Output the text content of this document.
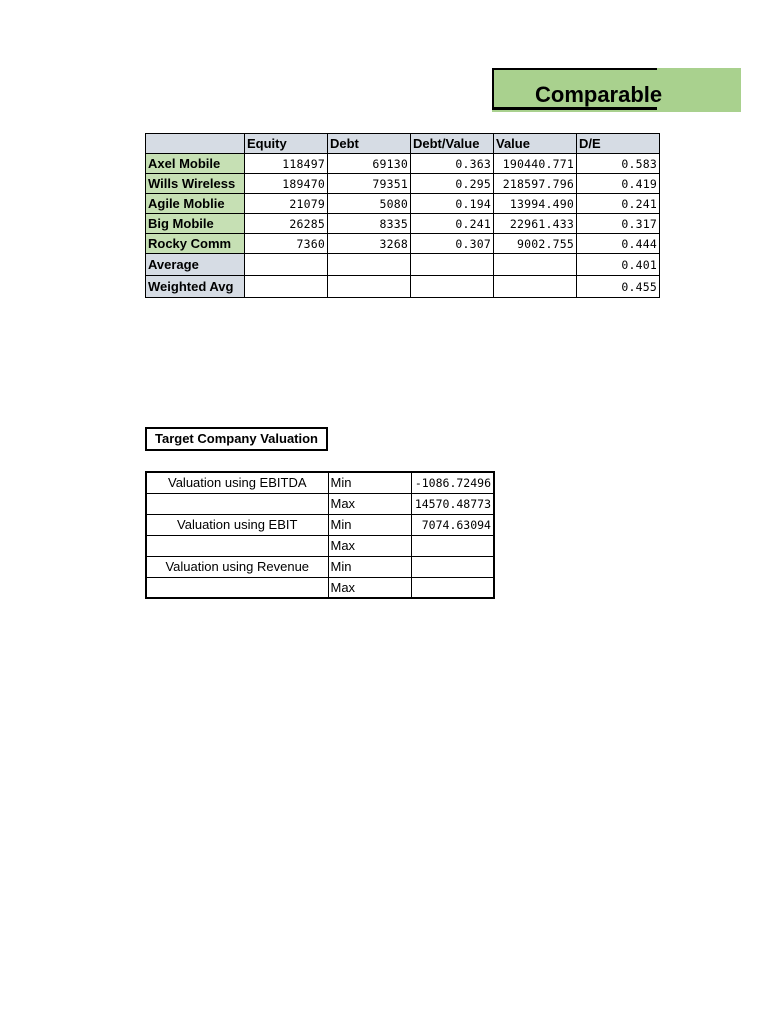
Comparable
	Equity	Debt	Debt/Value	Value	D/E
Axel Mobile	118497	69130	0.363	190440.771	0.583
Wills Wireless	189470	79351	0.295	218597.796	0.419
Agile Moblie	21079	5080	0.194	13994.490	0.241
Big Mobile	26285	8335	0.241	22961.433	0.317
Rocky Comm	7360	3268	0.307	9002.755	0.444
Average					0.401
Weighted Avg					0.455
Target Company Valuation
Valuation using EBITDA	Min	-1086.72496
	Max	14570.48773
Valuation using EBIT	Min	7074.63094
	Max	
Valuation using Revenue	Min	
	Max	
